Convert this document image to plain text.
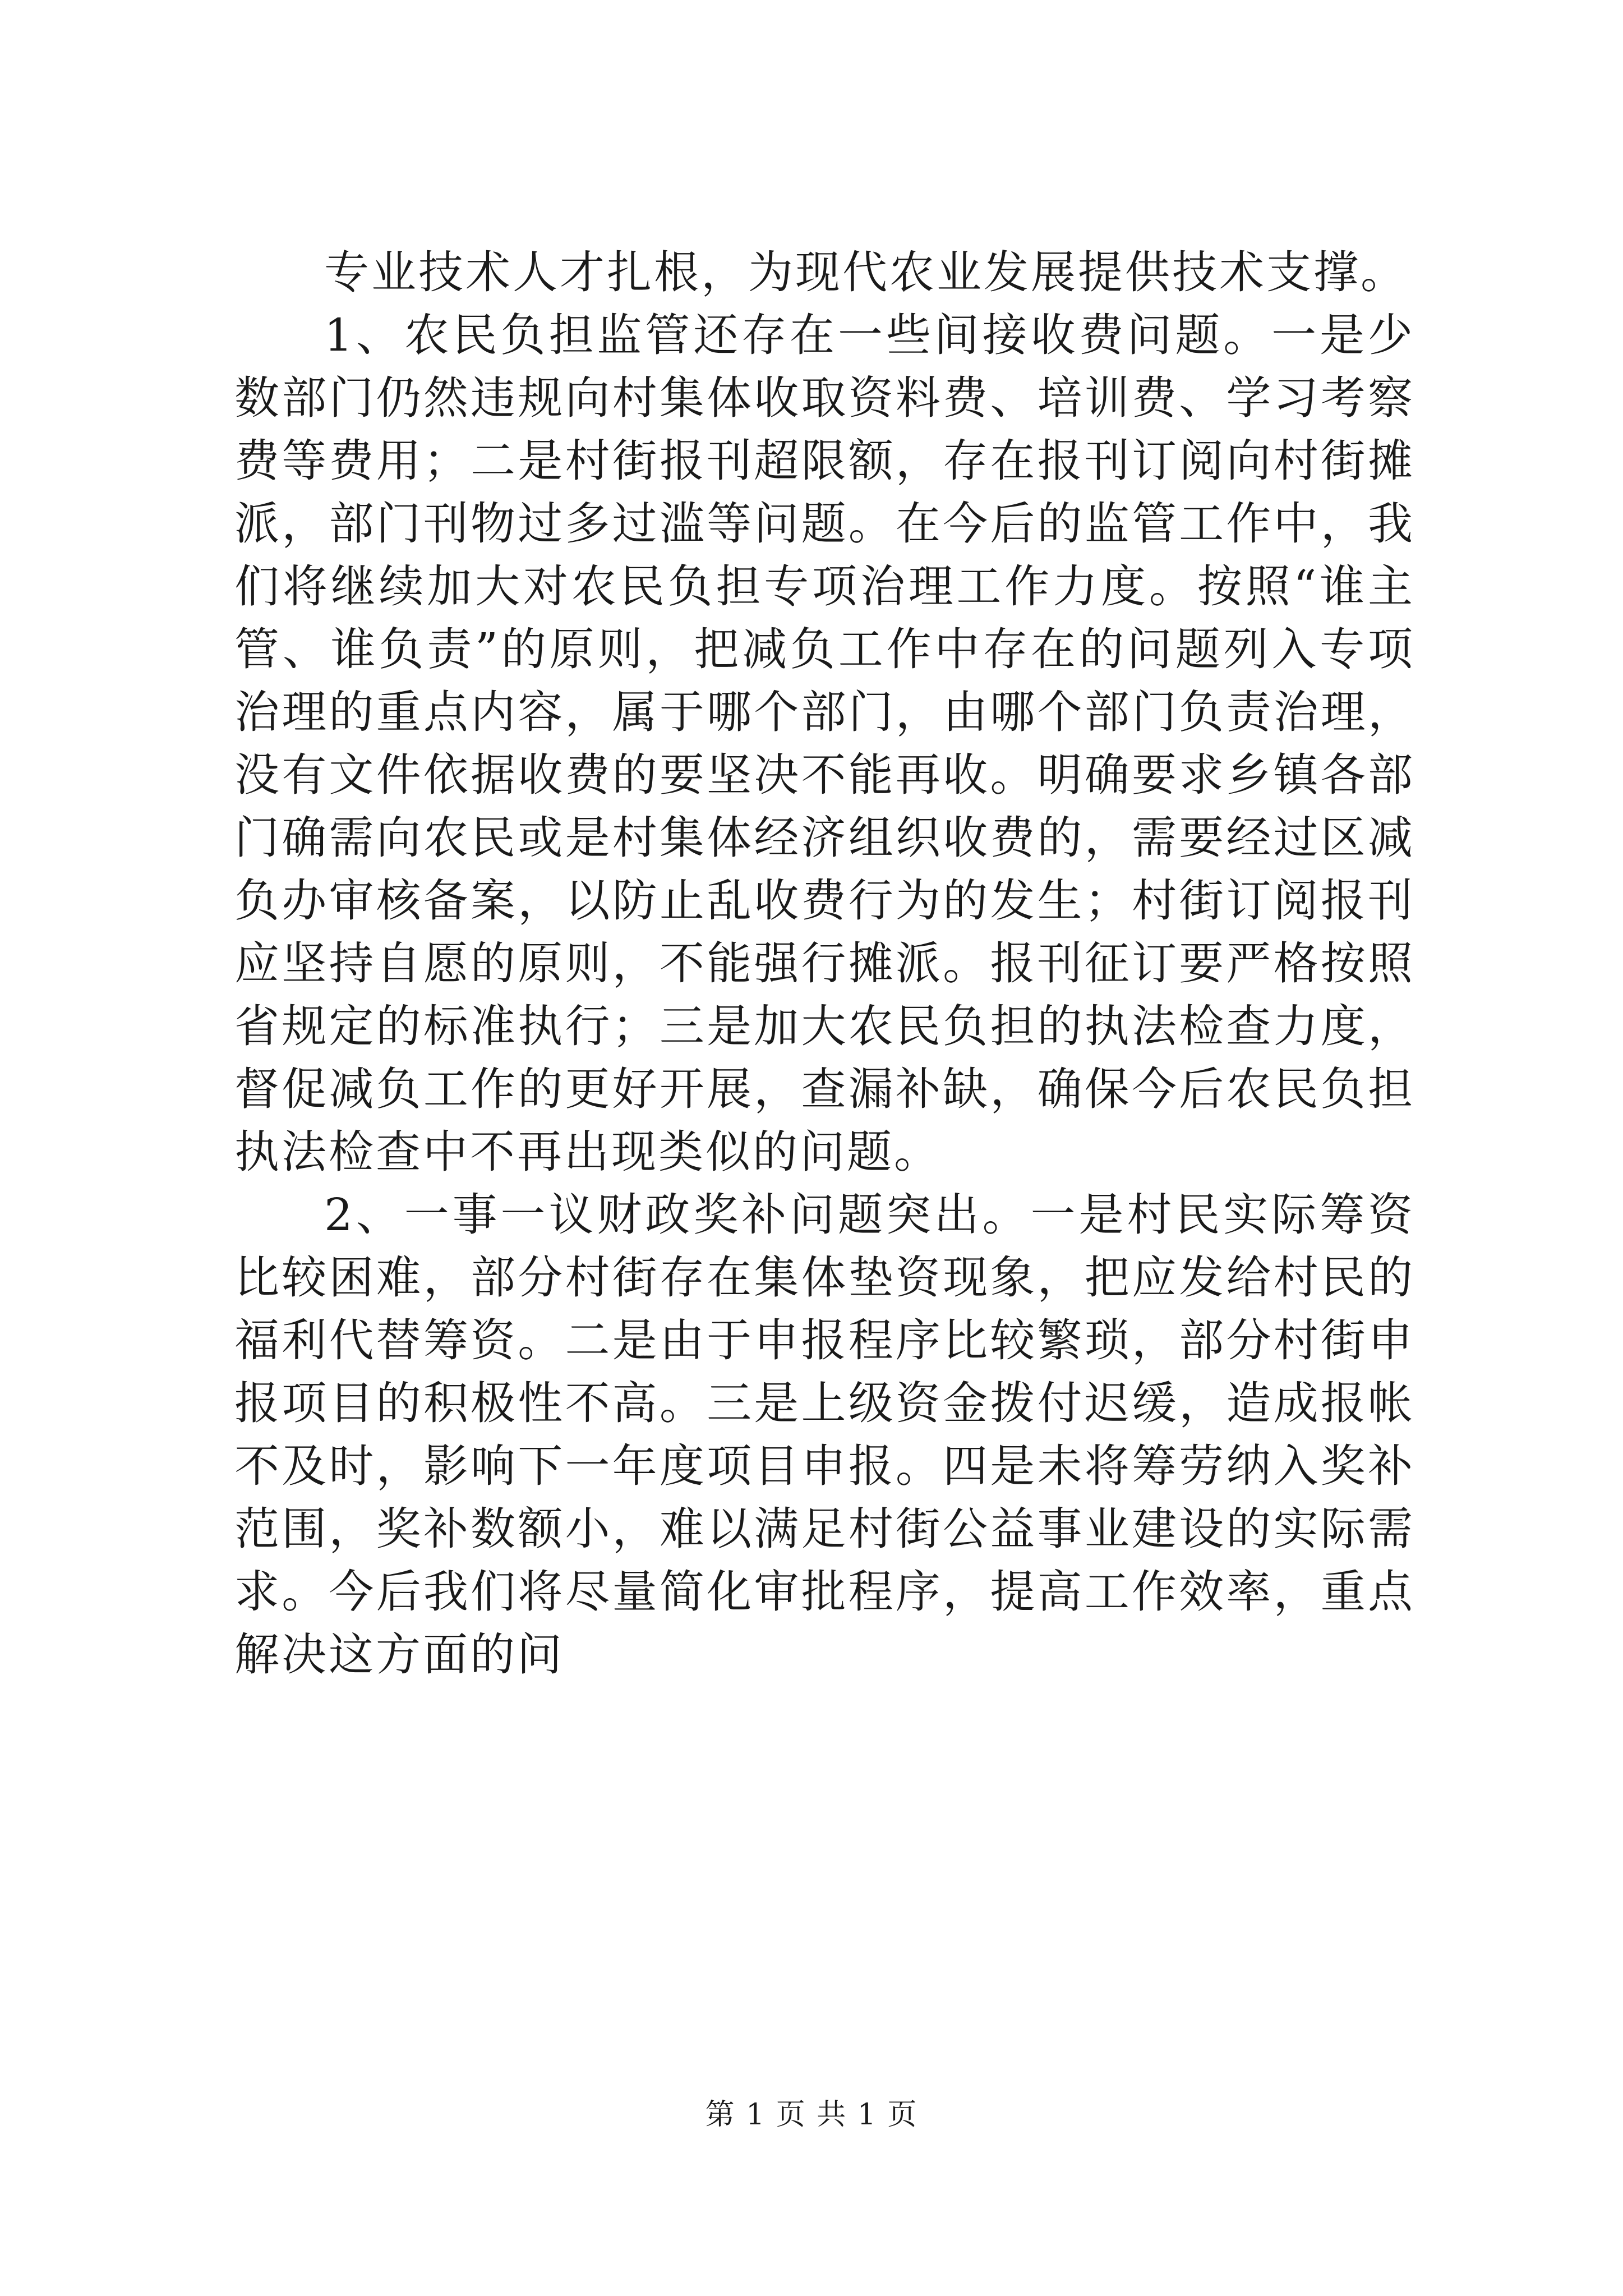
专业技术人才扎根，为现代农业发展提供技术支撑。

1、农民负担监管还存在一些间接收费问题。一是少数部门仍然违规向村集体收取资料费、培训费、学习考察费等费用；二是村街报刊超限额，存在报刊订阅向村街摊派，部门刊物过多过滥等问题。在今后的监管工作中，我们将继续加大对农民负担专项治理工作力度。按照“谁主管、谁负责”的原则，把减负工作中存在的问题列入专项治理的重点内容，属于哪个部门，由哪个部门负责治理，没有文件依据收费的要坚决不能再收。明确要求乡镇各部门确需向农民或是村集体经济组织收费的，需要经过区减负办审核备案，以防止乱收费行为的发生；村街订阅报刊应坚持自愿的原则，不能强行摊派。报刊征订要严格按照省规定的标准执行；三是加大农民负担的执法检查力度，督促减负工作的更好开展，查漏补缺，确保今后农民负担执法检查中不再出现类似的问题。

2、一事一议财政奖补问题突出。一是村民实际筹资比较困难，部分村街存在集体垫资现象，把应发给村民的福利代替筹资。二是由于申报程序比较繁琐，部分村街申报项目的积极性不高。三是上级资金拨付迟缓，造成报帐不及时，影响下一年度项目申报。四是未将筹劳纳入奖补范围，奖补数额小，难以满足村街公益事业建设的实际需求。今后我们将尽量简化审批程序，提高工作效率，重点解决这方面的问

第 1 页 共 1 页
